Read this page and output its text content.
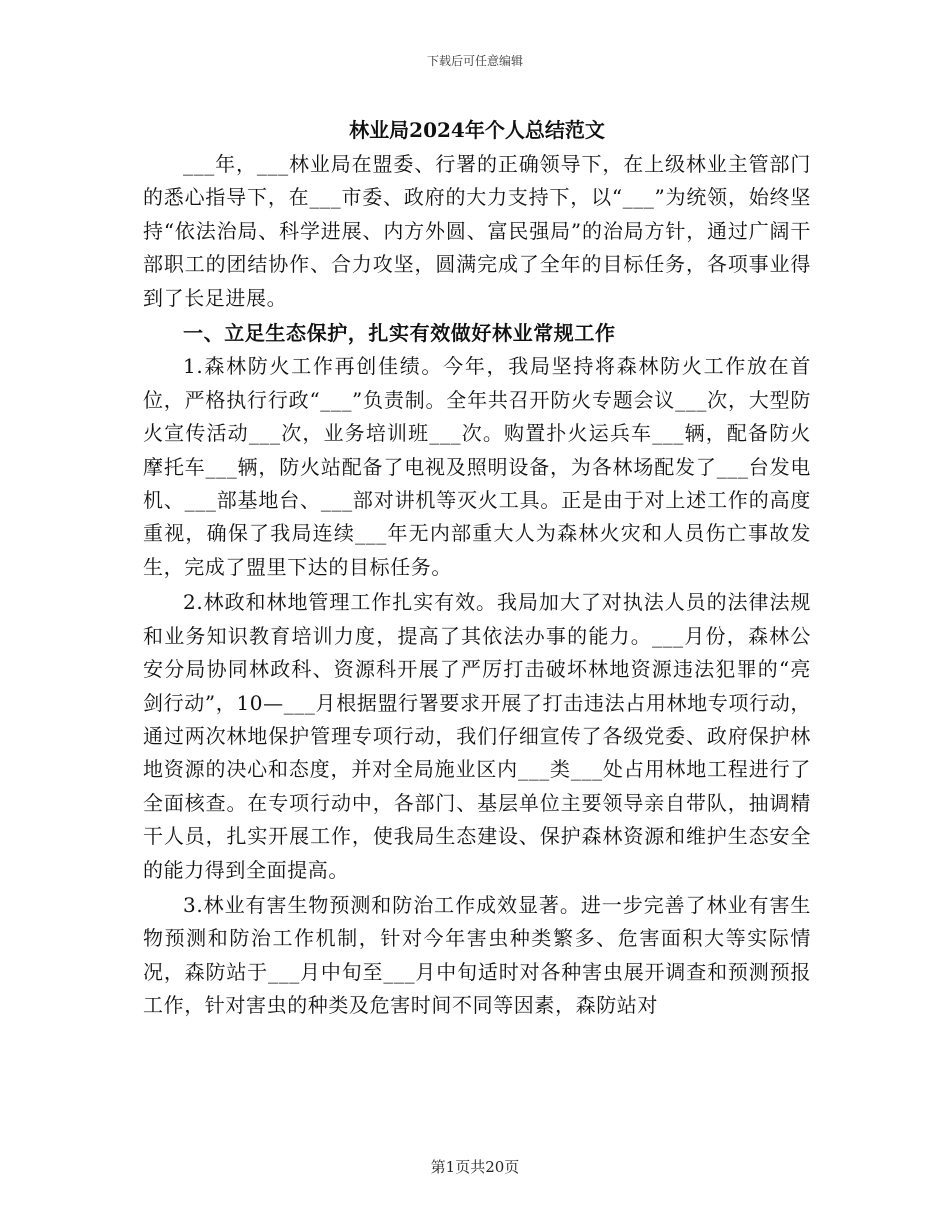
下载后可任意编辑
林业局2024年个人总结范文

___年，___林业局在盟委、行署的正确领导下，在上级林业主管部门的悉心指导下，在___市委、政府的大力支持下，以“___”为统领，始终坚持“依法治局、科学进展、内方外圆、富民强局”的治局方针，通过广阔干部职工的团结协作、合力攻坚，圆满完成了全年的目标任务，各项事业得到了长足进展。

一、立足生态保护，扎实有效做好林业常规工作

1.森林防火工作再创佳绩。今年，我局坚持将森林防火工作放在首位，严格执行行政“___”负责制。全年共召开防火专题会议___次，大型防火宣传活动___次，业务培训班___次。购置扑火运兵车___辆，配备防火摩托车___辆，防火站配备了电视及照明设备，为各林场配发了___台发电机、___部基地台、___部对讲机等灭火工具。正是由于对上述工作的高度重视，确保了我局连续___年无内部重大人为森林火灾和人员伤亡事故发生，完成了盟里下达的目标任务。

2.林政和林地管理工作扎实有效。我局加大了对执法人员的法律法规和业务知识教育培训力度，提高了其依法办事的能力。___月份，森林公安分局协同林政科、资源科开展了严厉打击破坏林地资源违法犯罪的“亮剑行动”，10—___月根据盟行署要求开展了打击违法占用林地专项行动，通过两次林地保护管理专项行动，我们仔细宣传了各级党委、政府保护林地资源的决心和态度，并对全局施业区内___类___处占用林地工程进行了全面核查。在专项行动中，各部门、基层单位主要领导亲自带队，抽调精干人员，扎实开展工作，使我局生态建设、保护森林资源和维护生态安全的能力得到全面提高。

3.林业有害生物预测和防治工作成效显著。进一步完善了林业有害生物预测和防治工作机制，针对今年害虫种类繁多、危害面积大等实际情况，森防站于___月中旬至___月中旬适时对各种害虫展开调查和预测预报工作，针对害虫的种类及危害时间不同等因素，森防站对

第1页共20页
